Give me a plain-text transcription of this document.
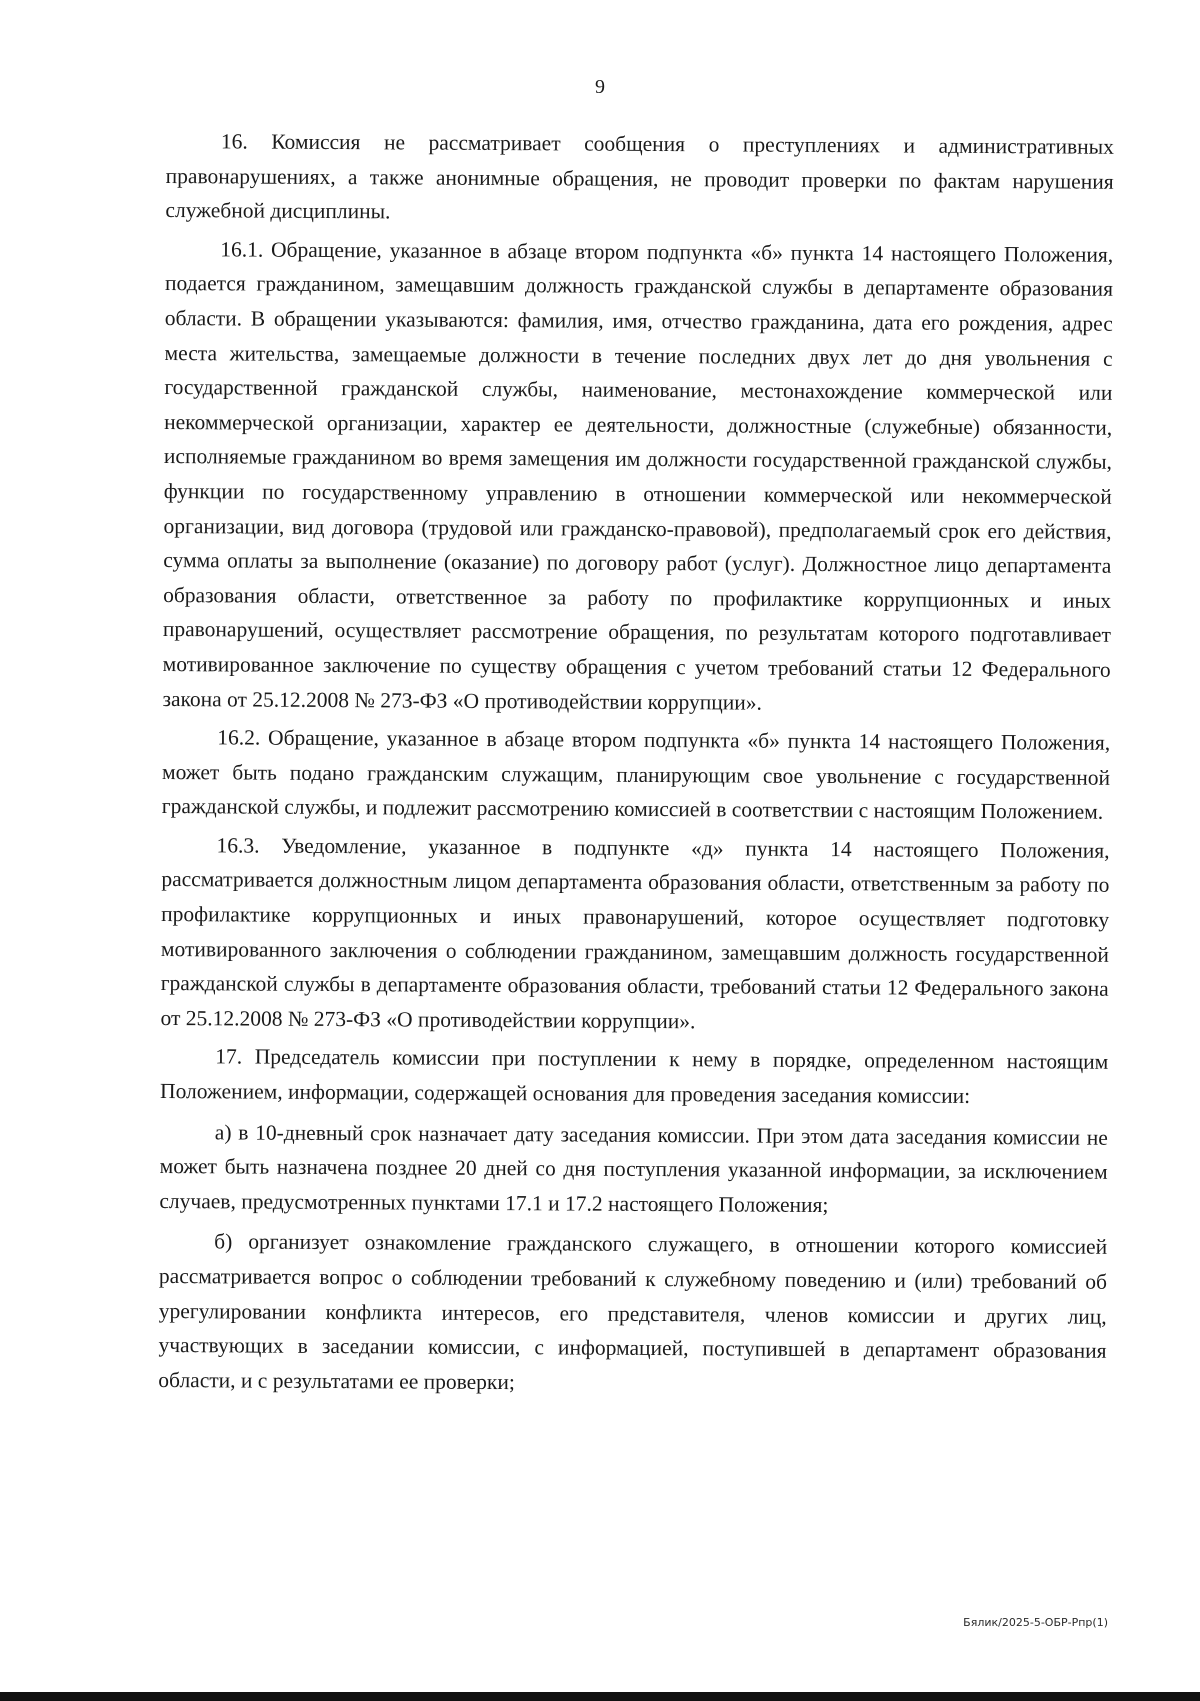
9

16. Комиссия не рассматривает сообщения о преступлениях и административных правонарушениях, а также анонимные обращения, не проводит проверки по фактам нарушения служебной дисциплины.

16.1. Обращение, указанное в абзаце втором подпункта «б» пункта 14 настоящего Положения, подается гражданином, замещавшим должность гражданской службы в департаменте образования области. В обращении указываются: фамилия, имя, отчество гражданина, дата его рождения, адрес места жительства, замещаемые должности в течение последних двух лет до дня увольнения с государственной гражданской службы, наименование, местонахождение коммерческой или некоммерческой организации, характер ее деятельности, должностные (служебные) обязанности, исполняемые гражданином во время замещения им должности государственной гражданской службы, функции по государственному управлению в отношении коммерческой или некоммерческой организации, вид договора (трудовой или гражданско-правовой), предполагаемый срок его действия, сумма оплаты за выполнение (оказание) по договору работ (услуг). Должностное лицо департамента образования области, ответственное за работу по профилактике коррупционных и иных правонарушений, осуществляет рассмотрение обращения, по результатам которого подготавливает мотивированное заключение по существу обращения с учетом требований статьи 12 Федерального закона от 25.12.2008 № 273-ФЗ «О противодействии коррупции».

16.2. Обращение, указанное в абзаце втором подпункта «б» пункта 14 настоящего Положения, может быть подано гражданским служащим, планирующим свое увольнение с государственной гражданской службы, и подлежит рассмотрению комиссией в соответствии с настоящим Положением.

16.3. Уведомление, указанное в подпункте «д» пункта 14 настоящего Положения, рассматривается должностным лицом департамента образования области, ответственным за работу по профилактике коррупционных и иных правонарушений, которое осуществляет подготовку мотивированного заключения о соблюдении гражданином, замещавшим должность государственной гражданской службы в департаменте образования области, требований статьи 12 Федерального закона от 25.12.2008 № 273-ФЗ «О противодействии коррупции».

17. Председатель комиссии при поступлении к нему в порядке, определенном настоящим Положением, информации, содержащей основания для проведения заседания комиссии:

а) в 10-дневный срок назначает дату заседания комиссии. При этом дата заседания комиссии не может быть назначена позднее 20 дней со дня поступления указанной информации, за исключением случаев, предусмотренных пунктами 17.1 и 17.2 настоящего Положения;

б) организует ознакомление гражданского служащего, в отношении которого комиссией рассматривается вопрос о соблюдении требований к служебному поведению и (или) требований об урегулировании конфликта интересов, его представителя, членов комиссии и других лиц, участвующих в заседании комиссии, с информацией, поступившей в департамент образования области, и с результатами ее проверки;

Бялик/2025-5-ОБР-Рпр(1)
